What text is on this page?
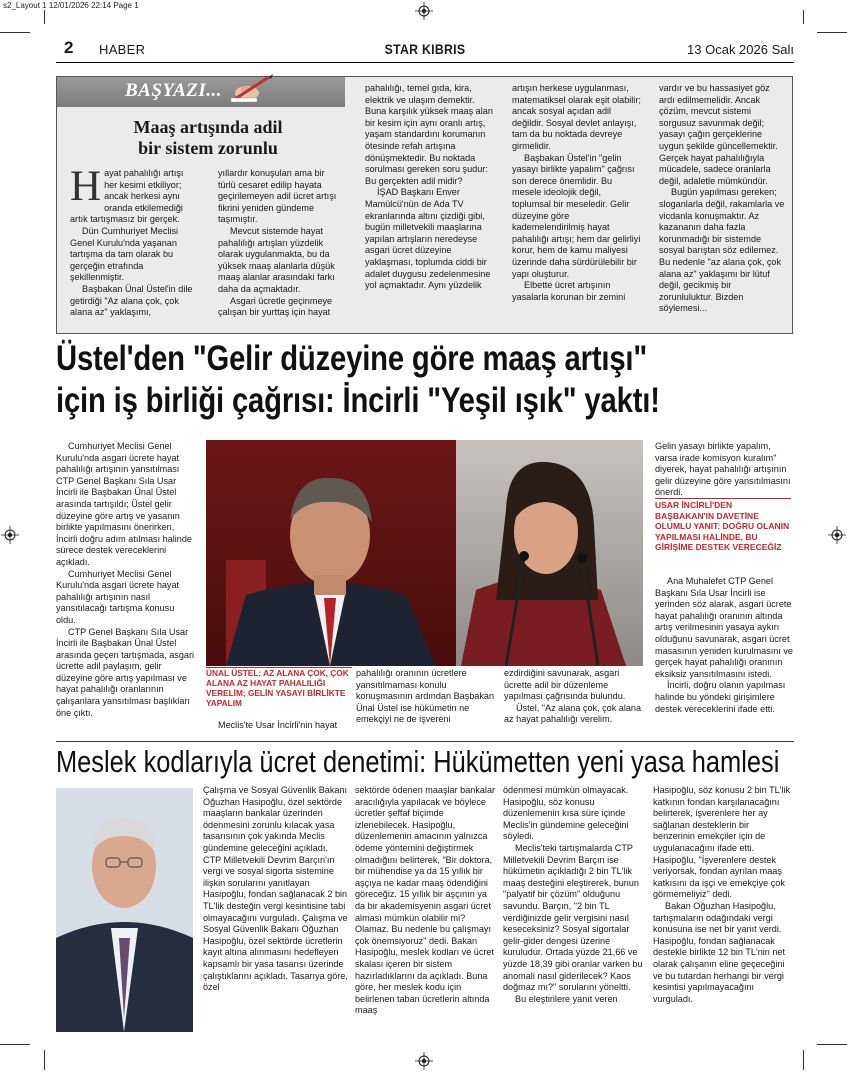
s2_Layout 1 12/01/2026 22:14 Page 1
2 HABER	STAR KIBRIS	13 Ocak 2026 Salı
BAŞYAZI...
Maaş artışında adil
bir sistem zorunlu
H ayat pahalılığı artışı her kesimi etkiliyor; ancak herkesi aynı oranda etkilemediği artık tartışmasız bir gerçek.

Dün Cumhuriyet Meclisi Genel Kurulu'nda yaşanan tartışma da tam olarak bu gerçeğin etrafında şekillenmiştir.

Başbakan Ünal Üstel'in dile getirdiği "Az alana çok, çok alana az" yaklaşımı,

yıllardır konuşulan ama bir türlü cesaret edilip hayata geçirilemeyen adil ücret artışı fikrini yeniden gündeme taşımıştır.

Mevcut sistemde hayat pahalılığı artışları yüzdelik olarak uygulanmakta, bu da yüksek maaş alanlarla düşük maaş alanlar arasındaki farkı daha da açmaktadır.

Asgari ücretle geçinmeye çalışan bir yurttaş için hayat

pahalılığı, temel gıda, kira, elektrik ve ulaşım demektir. Buna karşılık yüksek maaş alan bir kesim için aynı oranlı artış, yaşam standardını korumanın ötesinde refah artışına dönüşmektedir. Bu noktada sorulması gereken soru şudur: Bu gerçekten adil midir?

İŞAD Başkanı Enver Mamülcü'nün de Ada TV ekranlarında altını çizdiği gibi, bugün milletvekili maaşlarına yapılan artışların neredeyse asgari ücret düzeyine yaklaşması, toplumda ciddi bir adalet duygusu zedelenmesine yol açmaktadır. Aynı yüzdelik

artışın herkese uygulanması, matematiksel olarak eşit olabilir; ancak sosyal açıdan adil değildir. Sosyal devlet anlayışı, tam da bu noktada devreye girmelidir.

Başbakan Üstel'in "gelin yasayı birlikte yapalım" çağrısı son derece önemlidir. Bu mesele ideolojik değil, toplumsal bir meseledir. Gelir düzeyine göre kademelendirilmiş hayat pahalılığı artışı; hem dar gelirliyi korur, hem de kamu maliyesi üzerinde daha sürdürülebilir bir yapı oluşturur.

Elbette ücret artışının yasalarla korunan bir zemini

vardır ve bu hassasiyet göz ardı edilmemelidir. Ancak çözüm, mevcut sistemi sorgusuz savunmak değil; yasayı çağın gerçeklerine uygun şekilde güncellemektir. Gerçek hayat pahalılığıyla mücadele, sadece oranlarla değil, adaletle mümkündür.

Bugün yapılması gereken; sloganlarla değil, rakamlarla ve vicdanla konuşmaktır. Az kazananın daha fazla korunmadığı bir sistemde sosyal barıştan söz edilemez. Bu nedenle "az alana çok, çok alana az" yaklaşımı bir lütuf değil, gecikmiş bir zorunluluktur. Bizden söylemesi...

Üstel'den "Gelir düzeyine göre maaş artışı"
için iş birliği çağrısı: İncirli "Yeşil ışık" yaktı!

Cumhuriyet Meclisi Genel Kurulu'nda asgari ücrete hayat pahalılığı artışının yansıtılması CTP Genel Başkanı Sıla Usar İncirli ile Başbakan Ünal Üstel arasında tartışıldı; Üstel gelir düzeyine göre artış ve yasanın birlikte yapılmasını önerirken, İncirli doğru adım atılması halinde sürece destek vereceklerini açıkladı.

Cumhuriyet Meclisi Genel Kurulu'nda asgari ücrete hayat pahalılığı artışının nasıl yansıtılacağı tartışma konusu oldu.

CTP Genel Başkanı Sıla Usar İncirli ile Başbakan Ünal Üstel arasında geçen tartışmada, asgari ücrette adil paylaşım, gelir düzeyine göre artış yapılması ve hayat pahalılığı oranlarının çalışanlara yansıtılması başlıkları öne çıktı.

ÜNAL ÜSTEL: AZ ALANA ÇOK, ÇOK ALANA AZ HAYAT PAHALILIĞI VERELİM; GELİN YASAYI BİRLİKTE YAPALIM

Meclis'te Usar İncirli'nin hayat

pahalılığı oranının ücretlere yansıtılmaması konulu konuşmasının ardından Başbakan Ünal Üstel ise hükümetin ne emekçiyi ne de işvereni

ezdirdiğini savunarak, asgari ücrette adil bir düzenleme yapılması çağrısında bulundu.

Üstel, "Az alana çok, çok alana az hayat pahalılığı verelim.

Gelin yasayı birlikte yapalım, varsa irade komisyon kuralım" diyerek, hayat pahalılığı artışının gelir düzeyine göre yansıtılmasını önerdi.

USAR İNCİRLİ'DEN BAŞBAKAN'IN DAVETİNE OLUMLU YANIT: DOĞRU OLANIN YAPILMASI HALİNDE, BU GİRİŞİME DESTEK VERECEĞİZ

Ana Muhalefet CTP Genel Başkanı Sıla Usar İncirli ise yerinden söz alarak, asgari ücrete hayat pahalılığı oranının altında artış verilmesinin yasaya aykırı olduğunu savunarak, asgari ücret masasının yeniden kurulmasını ve gerçek hayat pahalılığı oranının eksiksiz yansıtılmasını istedi.

İncirli, doğru olanın yapılması halinde bu yöndeki girişimlere destek vereceklerini ifade etti.

Meslek kodlarıyla ücret denetimi: Hükümetten yeni yasa hamlesi

Çalışma ve Sosyal Güvenlik Bakanı Oğuzhan Hasipoğlu, özel sektörde maaşların bankalar üzerinden ödenmesini zorunlu kılacak yasa tasarısının çok yakında Meclis gündemine geleceğini açıkladı. CTP Milletvekili Devrim Barçın'ın vergi ve sosyal sigorta sistemine ilişkin sorularını yanıtlayan Hasipoğlu, fondan sağlanacak 2 bin TL'lik desteğin vergi kesintisine tabi olmayacağını vurguladı. Çalışma ve Sosyal Güvenlik Bakanı Oğuzhan Hasipoğlu, özel sektörde ücretlerin kayıt altına alınmasını hedefleyen kapsamlı bir yasa tasarısı üzerinde çalıştıklarını açıkladı. Tasarıya göre, özel

sektörde ödenen maaşlar bankalar aracılığıyla yapılacak ve böylece ücretler şeffaf biçimde izlenebilecek. Hasipoğlu, düzenlemenin amacının yalnızca ödeme yöntemini değiştirmek olmadığını belirterek, "Bir doktora, bir mühendise ya da 15 yıllık bir aşçıya ne kadar maaş ödendiğini göreceğiz. 15 yıllık bir aşçının ya da bir akademisyenin asgari ücret alması mümkün olabilir mi? Olamaz. Bu nedenle bu çalışmayı çok önemsiyoruz" dedi. Bakan Hasipoğlu, meslek kodları ve ücret skalası içeren bir sistem hazırladıklarını da açıkladı. Buna göre, her meslek kodu için belirlenen taban ücretlerin altında maaş

ödenmesi mümkün olmayacak. Hasipoğlu, söz konusu düzenlemenin kısa süre içinde Meclis'in gündemine geleceğini söyledi.

Meclis'teki tartışmalarda CTP Milletvekili Devrim Barçın ise hükümetin açıkladığı 2 bin TL'lik maaş desteğini eleştirerek, bunun "palyatif bir çözüm" olduğunu savundu. Barçın, "2 bin TL verdiğinizde gelir vergisini nasıl keseceksiniz? Sosyal sigortalar gelir-gider dengesi üzerine kuruludur. Ortada yüzde 21,66 ve yüzde 18,39 gibi oranlar varken bu anomali nasıl giderilecek? Kaos doğmaz mı?" sorularını yöneltti.

Bu eleştirilere yanıt veren

Hasipoğlu, söz konusu 2 bin TL'lik katkının fondan karşılanacağını belirterek, işverenlere her ay sağlanan desteklerin bir benzerinin emekçiler için de uygulanacağını ifade etti. Hasipoğlu, "İşverenlere destek veriyorsak, fondan ayrılan maaş katkısını da işçi ve emekçiye çok görmemeliyiz" dedi.

Bakan Oğuzhan Hasipoğlu, tartışmaların odağındaki vergi konusuna ise net bir yanıt verdi. Hasipoğlu, fondan sağlanacak destekle birlikte 12 bin TL'nin net olarak çalışanın eline geçeceğini ve bu tutardan herhangi bir vergi kesintisi yapılmayacağını vurguladı.
